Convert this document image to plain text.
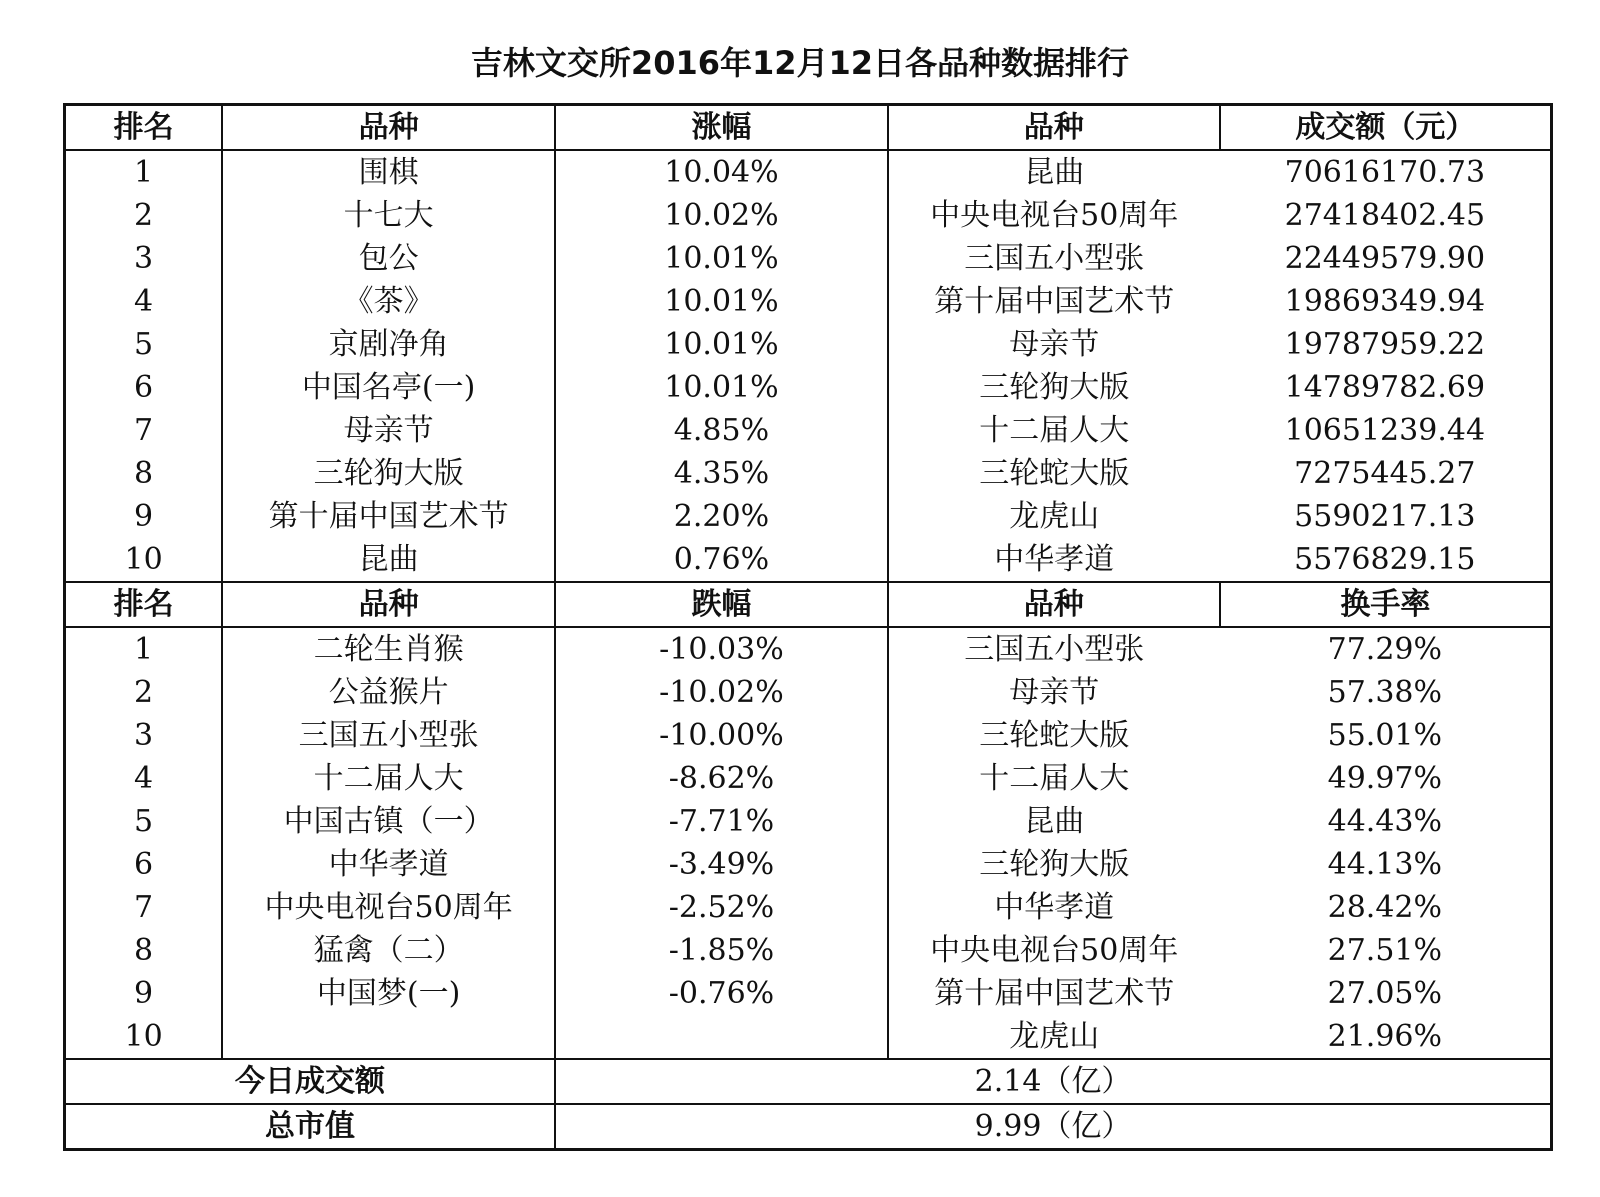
吉林文交所2016年12月12日各品种数据排行
排名	品种	涨幅	品种	成交额（元）
1	围棋	10.04%	昆曲	70616170.73
2	十七大	10.02%	中央电视台50周年	27418402.45
3	包公	10.01%	三国五小型张	22449579.90
4	《茶》	10.01%	第十届中国艺术节	19869349.94
5	京剧净角	10.01%	母亲节	19787959.22
6	中国名亭(一)	10.01%	三轮狗大版	14789782.69
7	母亲节	4.85%	十二届人大	10651239.44
8	三轮狗大版	4.35%	三轮蛇大版	7275445.27
9	第十届中国艺术节	2.20%	龙虎山	5590217.13
10	昆曲	0.76%	中华孝道	5576829.15
排名	品种	跌幅	品种	换手率
1	二轮生肖猴	-10.03%	三国五小型张	77.29%
2	公益猴片	-10.02%	母亲节	57.38%
3	三国五小型张	-10.00%	三轮蛇大版	55.01%
4	十二届人大	-8.62%	十二届人大	49.97%
5	中国古镇（一）	-7.71%	昆曲	44.43%
6	中华孝道	-3.49%	三轮狗大版	44.13%
7	中央电视台50周年	-2.52%	中华孝道	28.42%
8	猛禽（二）	-1.85%	中央电视台50周年	27.51%
9	中国梦(一)	-0.76%	第十届中国艺术节	27.05%
10			龙虎山	21.96%
今日成交额		2.14（亿）		
总市值		9.99（亿）		
